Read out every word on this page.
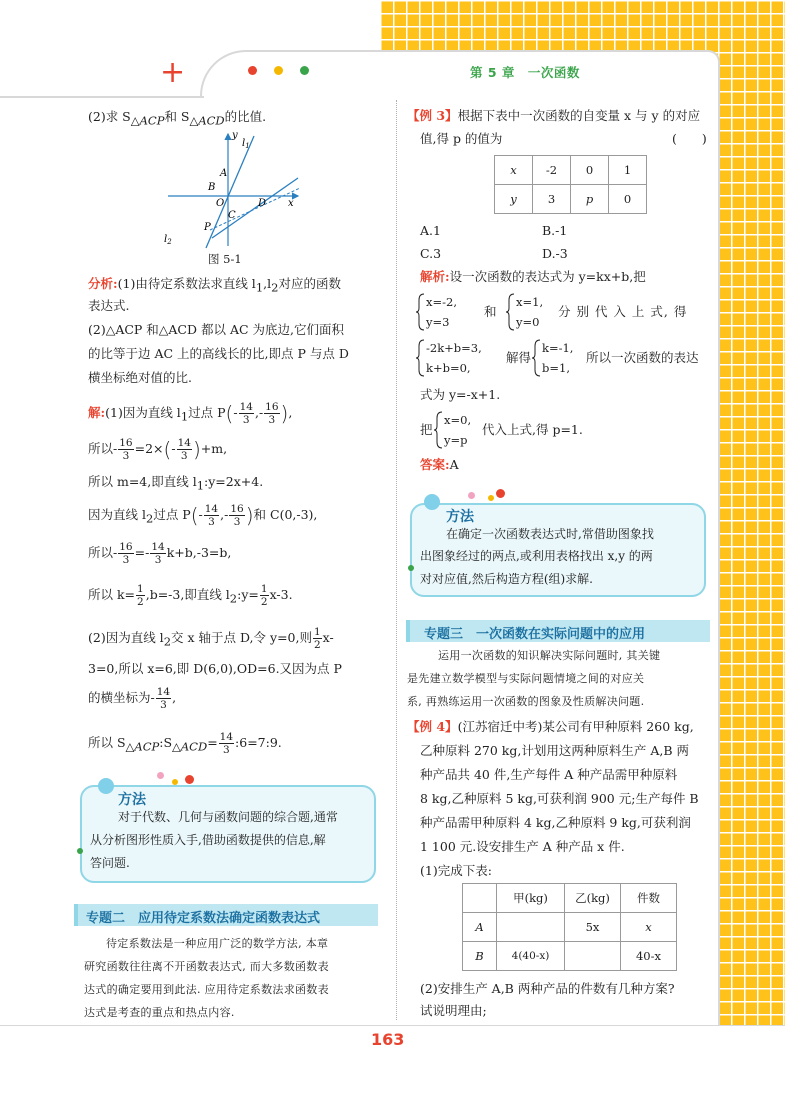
+	第 5 章　一次函数
(2)求 $S_{\triangle ACP}$和 $S_{\triangle ACD}$的比值.
y
x
$l_1$
$l_2$
A
B
O
C
D
P
图 5-1
分析:(1)由待定系数法求直线 $l_1,l_2$对应的函数
表达式.
(2)△ACP 和△ACD 都以 AC 为底边,它们面积
的比等于边 AC 上的高线长的比,即点 P 与点 D
横坐标绝对值的比.
解:(1)因为直线 $l_1$过点 $P(- \frac{14}{3}$ ,- $\frac{16}{3}$ ),
所以- $\frac{16}{3} =2\times(- \frac{14}{3} )+m$,
所以 m=4,即直线 $l_1:y=2x+4$.
因为直线 $l_2$过点 $P(- \frac{14}{3}$ ,- $\frac{16}{3}$ )和 C(0,-3),
所以- $\frac{16}{3} =- \frac{14}{3} k+b,-3=b$,
所以 $k= \frac{1}{2} ,b=-3$,即直线 $l_2:y= \frac{1}{2} x-3$.
(2)因为直线 $l_2$交 x 轴于点 D,令 y=0,则 $\frac{1}{2} x-$
3=0,所以 x=6,即 D(6,0),OD=6.又因为点 P
的横坐标为- $\frac{14}{3}$ ,
所以 $S_{\triangle ACP}:S_{\triangle ACD}= \frac{14}{3}$ :6=7:9.
方法
对于代数、几何与函数问题的综合题,通常
从分析图形性质入手,借助函数提供的信息,解
答问题.
专题二　应用待定系数法确定函数表达式
待定系数法是一种应用广泛的数学方法, 本章
研究函数往往离不开函数表达式, 而大多数函数表
达式的确定要用到此法. 应用待定系数法求函数表
达式是考查的重点和热点内容.
【例 3】根据下表中一次函数的自变量 x 与 y 的对应
值,得 p 的值为	(　　)
x	-2	0	1
y	3	p	0
A.1	B.-1
C.3	D.-3
解析:设一次函数的表达式为 y=kx+b,把
x=-2,
y=3
和
x=1,
y=0
分 别 代 入 上 式, 得
-2k+b=3,
k+b=0,
解得
k=-1,
b=1,
所以一次函数的表达
式为 y=-x+1.
把
x=0,
y=p
代入上式,得 p=1.
答案:A
方法
在确定一次函数表达式时,常借助图象找
出图象经过的两点,或利用表格找出 x,y 的两
对对应值,然后构造方程(组)求解.
专题三　一次函数在实际问题中的应用
运用一次函数的知识解决实际问题时, 其关键
是先建立数学模型与实际问题情境之间的对应关
系, 再熟练运用一次函数的图象及性质解决问题.
【例 4】(江苏宿迁中考)某公司有甲种原料 260 kg,
乙种原料 270 kg,计划用这两种原料生产 A,B 两
种产品共 40 件,生产每件 A 种产品需甲种原料
8 kg,乙种原料 5 kg,可获利润 900 元;生产每件 B
种产品需甲种原料 4 kg,乙种原料 9 kg,可获利润
1 100 元.设安排生产 A 种产品 x 件.
(1)完成下表:
	甲(kg)	乙(kg)	件数
A		5x	x
B	4(40-x)		40-x
(2)安排生产 A,B 两种产品的件数有几种方案?
试说明理由;
163
